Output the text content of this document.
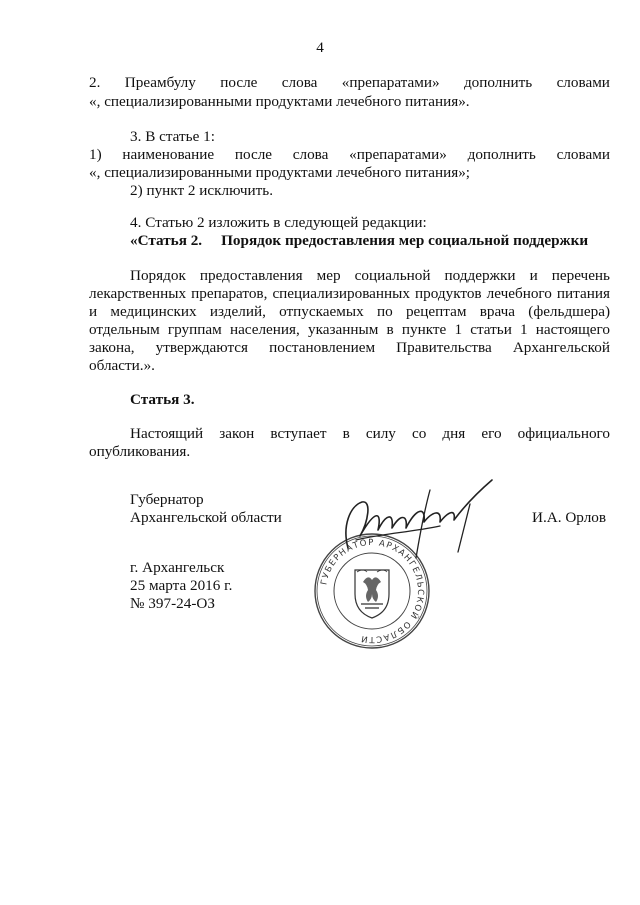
4
2. Преамбулу после слова «препаратами» дополнить словами
«, специализированными продуктами лечебного питания».
3. В статье 1:
1) наименование после слова «препаратами» дополнить словами
«, специализированными продуктами лечебного питания»;
2) пункт 2 исключить.
4. Статью 2 изложить в следующей редакции:
«Статья 2.     Порядок предоставления мер социальной поддержки
Порядок предоставления мер социальной поддержки и перечень
лекарственных препаратов, специализированных продуктов лечебного питания
и медицинских изделий, отпускаемых по рецептам врача (фельдшера)
отдельным группам населения, указанным в пункте 1 статьи 1 настоящего
закона, утверждаются постановлением Правительства Архангельской
области.».
Статья 3.
Настоящий закон вступает в силу со дня его официального
опубликования.
Губернатор
Архангельской области	И.А. Орлов
г. Архангельск
25 марта 2016 г.
№ 397-24-ОЗ
ГУБЕРНАТОР АРХАНГЕЛЬСКОЙ ОБЛАСТИ
